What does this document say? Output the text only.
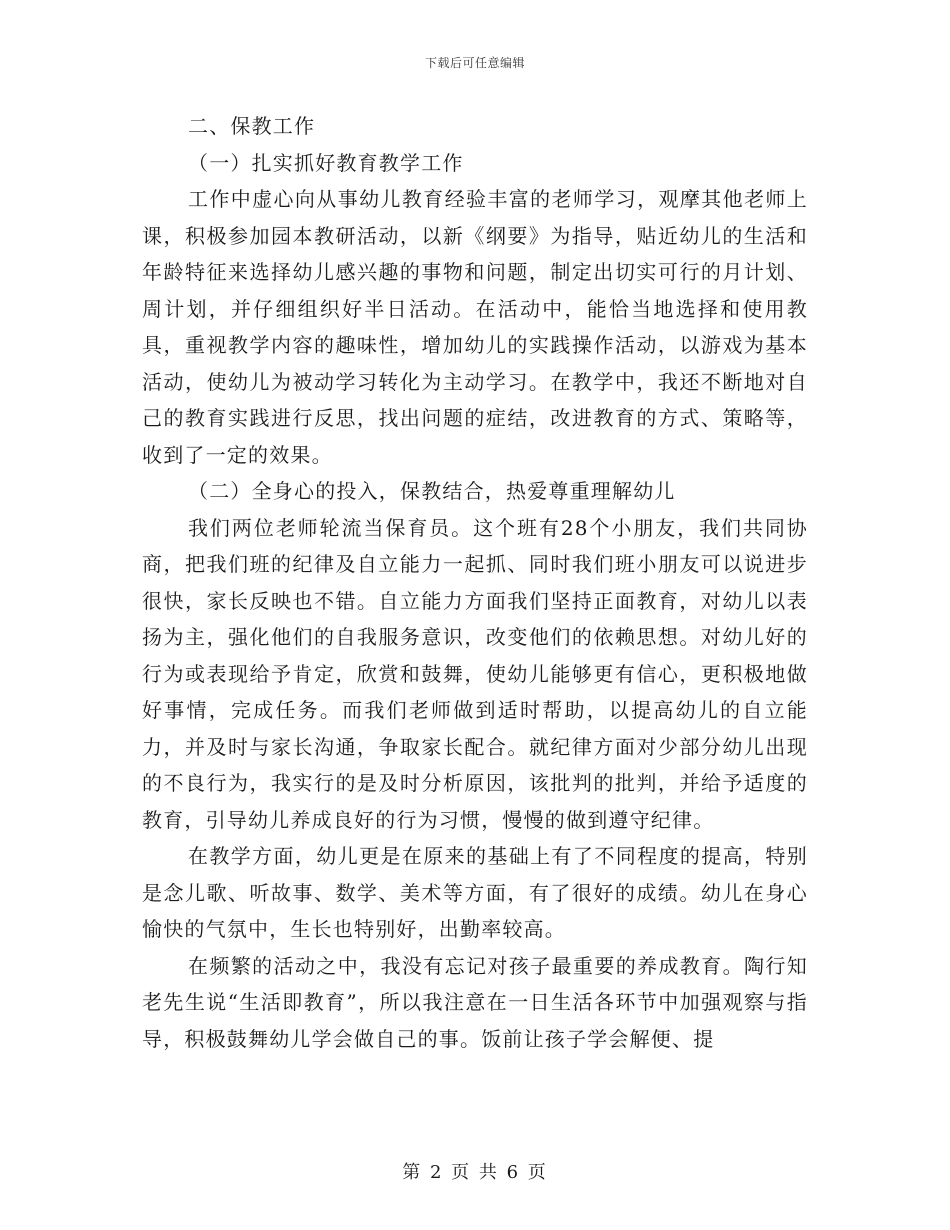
下载后可任意编辑

二、保教工作

（一）扎实抓好教育教学工作

工作中虚心向从事幼儿教育经验丰富的老师学习，观摩其他老师上课，积极参加园本教研活动，以新《纲要》为指导，贴近幼儿的生活和年龄特征来选择幼儿感兴趣的事物和问题，制定出切实可行的月计划、周计划，并仔细组织好半日活动。在活动中，能恰当地选择和使用教具，重视教学内容的趣味性，增加幼儿的实践操作活动，以游戏为基本活动，使幼儿为被动学习转化为主动学习。在教学中，我还不断地对自己的教育实践进行反思，找出问题的症结，改进教育的方式、策略等，收到了一定的效果。

（二）全身心的投入，保教结合，热爱尊重理解幼儿

我们两位老师轮流当保育员。这个班有28个小朋友，我们共同协商，把我们班的纪律及自立能力一起抓、同时我们班小朋友可以说进步很快，家长反映也不错。自立能力方面我们坚持正面教育，对幼儿以表扬为主，强化他们的自我服务意识，改变他们的依赖思想。对幼儿好的行为或表现给予肯定，欣赏和鼓舞，使幼儿能够更有信心，更积极地做好事情，完成任务。而我们老师做到适时帮助，以提高幼儿的自立能力，并及时与家长沟通，争取家长配合。就纪律方面对少部分幼儿出现的不良行为，我实行的是及时分析原因，该批判的批判，并给予适度的教育，引导幼儿养成良好的行为习惯，慢慢的做到遵守纪律。

在教学方面，幼儿更是在原来的基础上有了不同程度的提高，特别是念儿歌、听故事、数学、美术等方面，有了很好的成绩。幼儿在身心愉快的气氛中，生长也特别好，出勤率较高。

在频繁的活动之中，我没有忘记对孩子最重要的养成教育。陶行知老先生说“生活即教育”，所以我注意在一日生活各环节中加强观察与指导，积极鼓舞幼儿学会做自己的事。饭前让孩子学会解便、提

第 2 页 共 6 页
